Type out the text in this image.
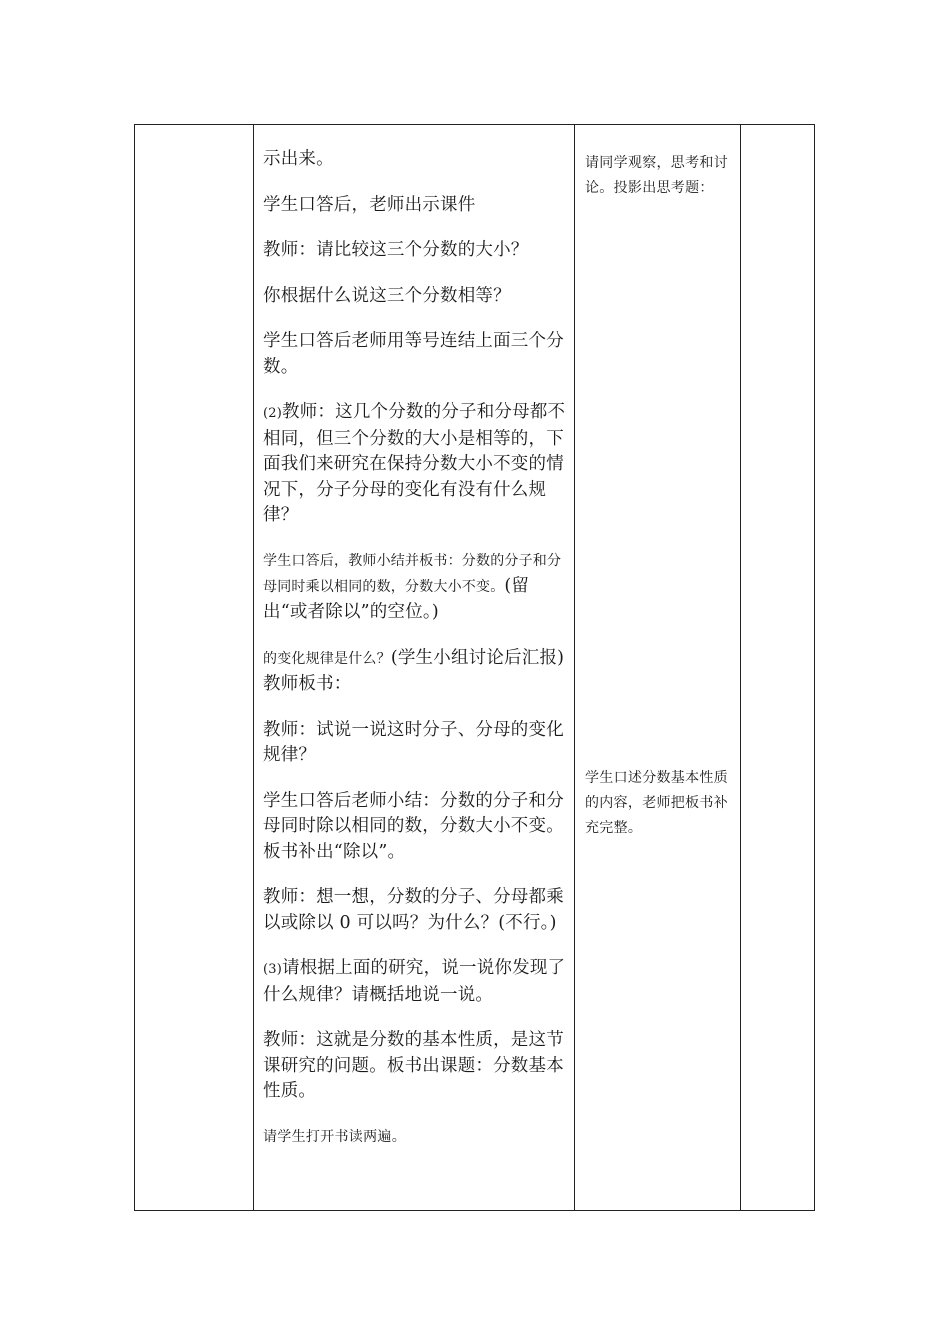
示出来。

学生口答后，老师出示课件

教师：请比较这三个分数的大小？

你根据什么说这三个分数相等？

学生口答后老师用等号连结上面三个分数。

(2)教师：这几个分数的分子和分母都不相同，但三个分数的大小是相等的，下面我们来研究在保持分数大小不变的情况下，分子分母的变化有没有什么规律？

学生口答后，教师小结并板书：分数的分子和分母同时乘以相同的数，分数大小不变。(留出“或者除以”的空位。)

的变化规律是什么？(学生小组讨论后汇报)教师板书：

教师：试说一说这时分子、分母的变化规律？

学生口答后老师小结：分数的分子和分母同时除以相同的数，分数大小不变。板书补出“除以”。

教师：想一想，分数的分子、分母都乘以或除以 0 可以吗？为什么？(不行。)

(3)请根据上面的研究，说一说你发现了什么规律？请概括地说一说。

教师：这就是分数的基本性质，是这节课研究的问题。板书出课题：分数基本性质。

请学生打开书读两遍。

请同学观察，思考和讨论。投影出思考题：

学生口述分数基本性质的内容，老师把板书补充完整。
